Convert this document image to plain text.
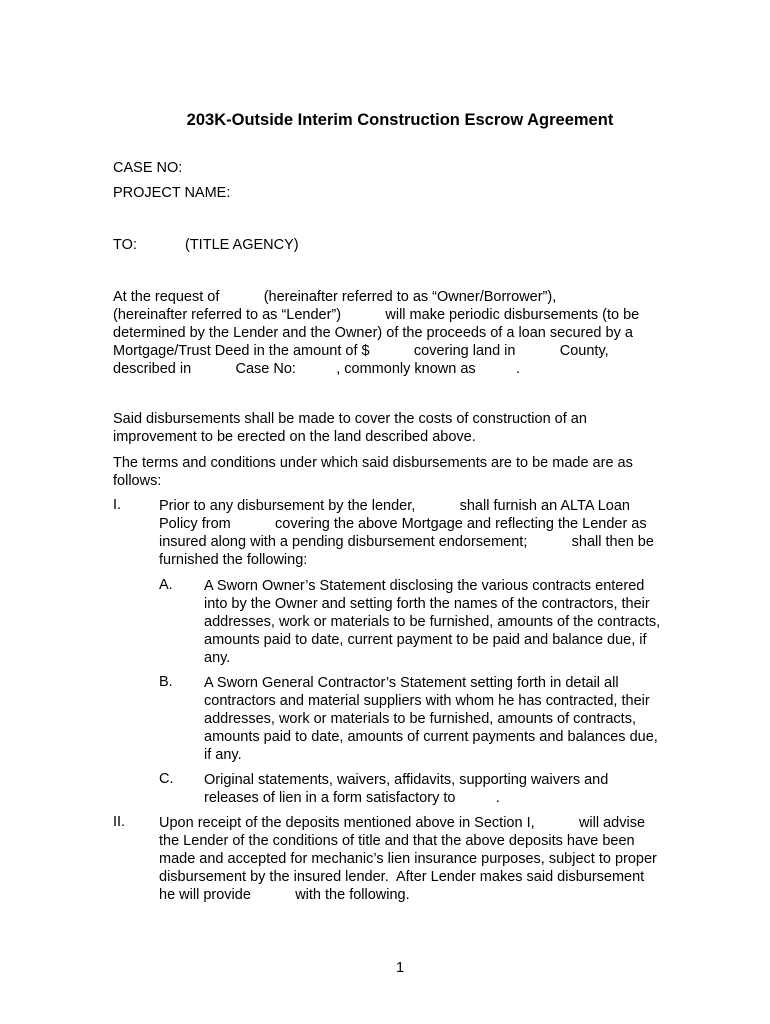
203K-Outside Interim Construction Escrow Agreement
CASE NO:
PROJECT NAME:
TO:	(TITLE AGENCY)
At the request of           (hereinafter referred to as “Owner/Borrower”),
(hereinafter referred to as “Lender”)           will make periodic disbursements (to be
determined by the Lender and the Owner) of the proceeds of a loan secured by a
Mortgage/Trust Deed in the amount of $           covering land in           County,
described in           Case No:          , commonly known as          .
Said disbursements shall be made to cover the costs of construction of an
improvement to be erected on the land described above.
The terms and conditions under which said disbursements are to be made are as
follows:
I.	Prior to any disbursement by the lender,           shall furnish an ALTA Loan
Policy from           covering the above Mortgage and reflecting the Lender as
insured along with a pending disbursement endorsement;           shall then be
furnished the following:
A. A Sworn Owner’s Statement disclosing the various contracts entered
into by the Owner and setting forth the names of the contractors, their
addresses, work or materials to be furnished, amounts of the contracts,
amounts paid to date, current payment to be paid and balance due, if
any.
B. A Sworn General Contractor’s Statement setting forth in detail all
contractors and material suppliers with whom he has contracted, their
addresses, work or materials to be furnished, amounts of contracts,
amounts paid to date, amounts of current payments and balances due,
if any.
C. Original statements, waivers, affidavits, supporting waivers and
releases of lien in a form satisfactory to          .
II. Upon receipt of the deposits mentioned above in Section I,           will advise
the Lender of the conditions of title and that the above deposits have been
made and accepted for mechanic’s lien insurance purposes, subject to proper
disbursement by the insured lender.  After Lender makes said disbursement
he will provide           with the following.
1
